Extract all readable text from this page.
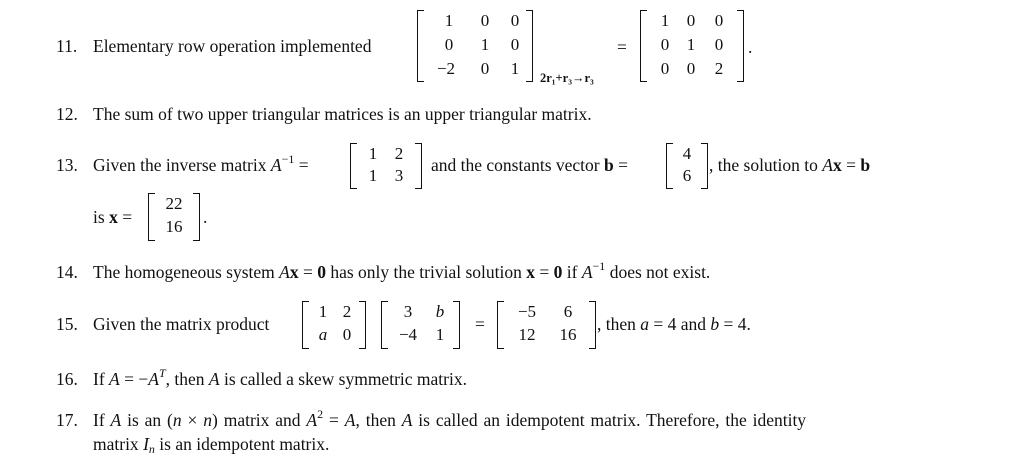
11. Elementary row operation implemented
1	0	0
0	1	0
−2	0	1	2r₁+r₃→r₃
=
1	0	0
0	1	0
0	0	2
.
12. The sum of two upper triangular matrices is an upper triangular matrix.
13. Given the inverse matrix $A^{-1}$ =
1	2
1	3
and the constants vector b =
4
6
, the solution to Ax = b
is x =
22
16	.
14. The homogeneous system Ax = 0 has only the trivial solution x = 0 if $A^{-1}$ does not exist.
15. Given the matrix product
1 2
a 0
3	b
−4	1
=
−5	6
12	16
, then a = 4 and b = 4.
16. If $A = -A^T$, then A is called a skew symmetric matrix.
17. If A is an (n × n) matrix and $A^2 = A$, then A is called an idempotent matrix. Therefore, the identity
matrix $I_n$ is an idempotent matrix.
